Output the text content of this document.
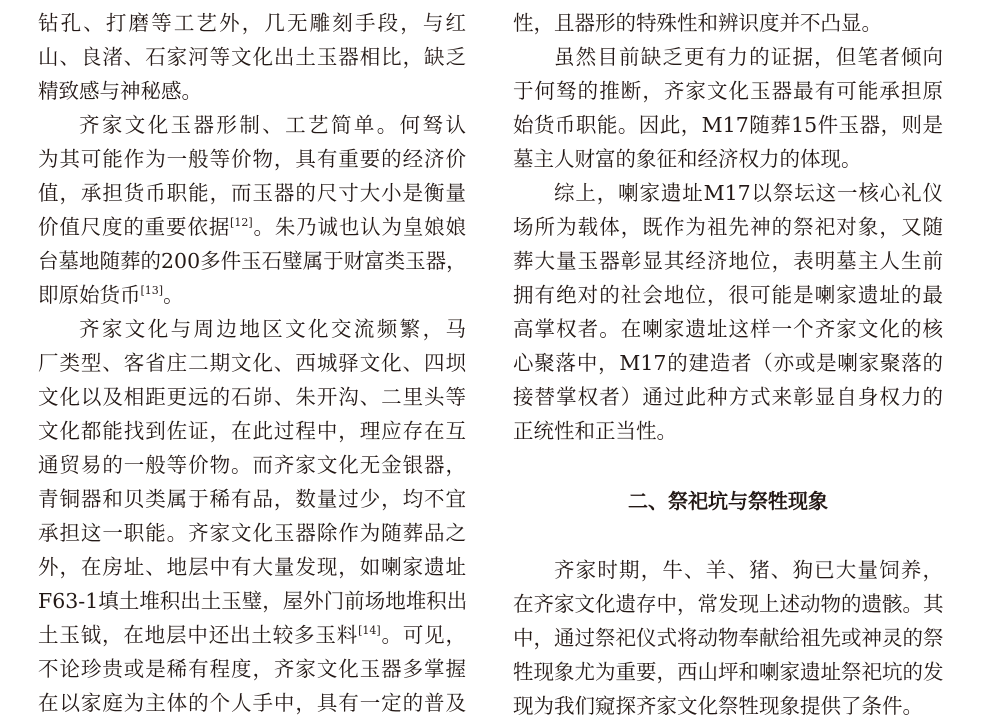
钻孔、打磨等工艺外，几无雕刻手段，与红
山、良渚、石家河等文化出土玉器相比，缺乏
精致感与神秘感。
齐家文化玉器形制、工艺简单。何驽认
为其可能作为一般等价物，具有重要的经济价
值，承担货币职能，而玉器的尺寸大小是衡量
价值尺度的重要依据[12]。朱乃诚也认为皇娘娘
台墓地随葬的200多件玉石璧属于财富类玉器，
即原始货币[13]。
齐家文化与周边地区文化交流频繁，马
厂类型、客省庄二期文化、西城驿文化、四坝
文化以及相距更远的石峁、朱开沟、二里头等
文化都能找到佐证，在此过程中，理应存在互
通贸易的一般等价物。而齐家文化无金银器，
青铜器和贝类属于稀有品，数量过少，均不宜
承担这一职能。齐家文化玉器除作为随葬品之
外，在房址、地层中有大量发现，如喇家遗址
F63-1填土堆积出土玉璧，屋外门前场地堆积出
土玉钺，在地层中还出土较多玉料[14]。可见，
不论珍贵或是稀有程度，齐家文化玉器多掌握
在以家庭为主体的个人手中，具有一定的普及
性，且器形的特殊性和辨识度并不凸显。
虽然目前缺乏更有力的证据，但笔者倾向
于何驽的推断，齐家文化玉器最有可能承担原
始货币职能。因此，M17随葬15件玉器，则是
墓主人财富的象征和经济权力的体现。
综上，喇家遗址M17以祭坛这一核心礼仪
场所为载体，既作为祖先神的祭祀对象，又随
葬大量玉器彰显其经济地位，表明墓主人生前
拥有绝对的社会地位，很可能是喇家遗址的最
高掌权者。在喇家遗址这样一个齐家文化的核
心聚落中，M17的建造者（亦或是喇家聚落的
接替掌权者）通过此种方式来彰显自身权力的
正统性和正当性。
二、祭祀坑与祭牲现象
齐家时期，牛、羊、猪、狗已大量饲养，
在齐家文化遗存中，常发现上述动物的遗骸。其
中，通过祭祀仪式将动物奉献给祖先或神灵的祭
牲现象尤为重要，西山坪和喇家遗址祭祀坑的发
现为我们窥探齐家文化祭牲现象提供了条件。
